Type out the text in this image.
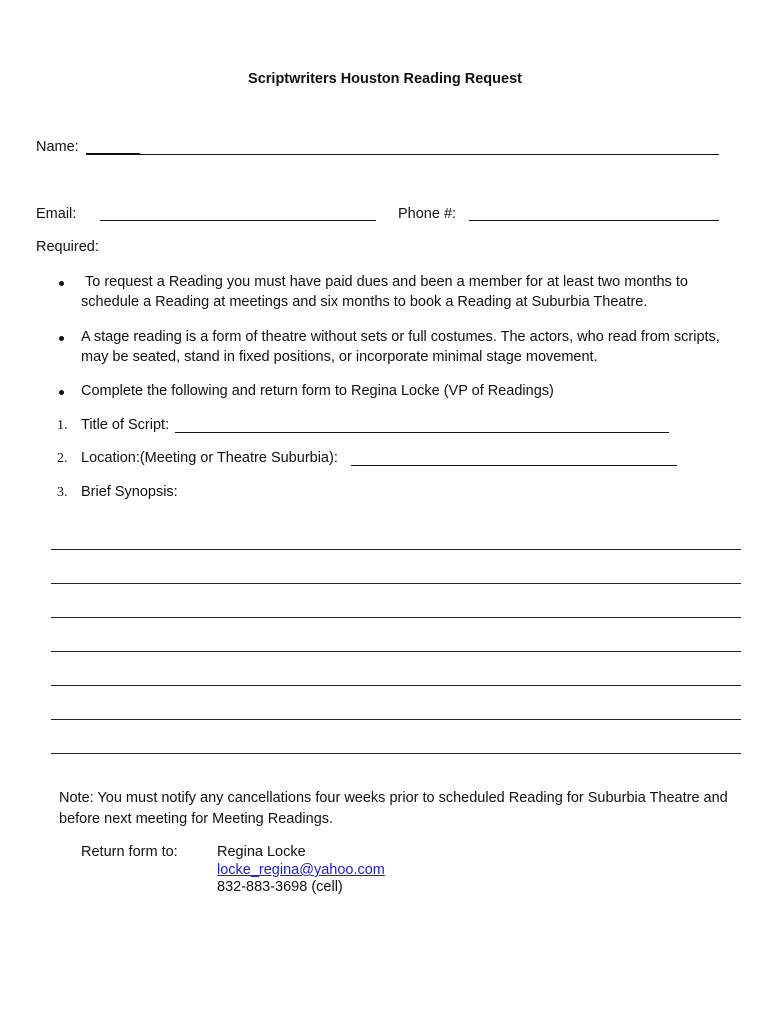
Scriptwriters Houston Reading Request
Name:
Email:	Phone #:
Required:
To request a Reading you must have paid dues and been a member for at least two months to schedule a Reading at meetings and six months to book a Reading at Suburbia Theatre.
A stage reading is a form of theatre without sets or full costumes. The actors, who read from scripts, may be seated, stand in fixed positions, or incorporate minimal stage movement.
Complete the following and return form to Regina Locke (VP of Readings)
1. Title of Script:
2. Location:(Meeting or Theatre Suburbia):
3. Brief Synopsis:
Note: You must notify any cancellations four weeks prior to scheduled Reading for Suburbia Theatre and before next meeting for Meeting Readings.
Return form to:	Regina Locke
locke_regina@yahoo.com
832-883-3698 (cell)
